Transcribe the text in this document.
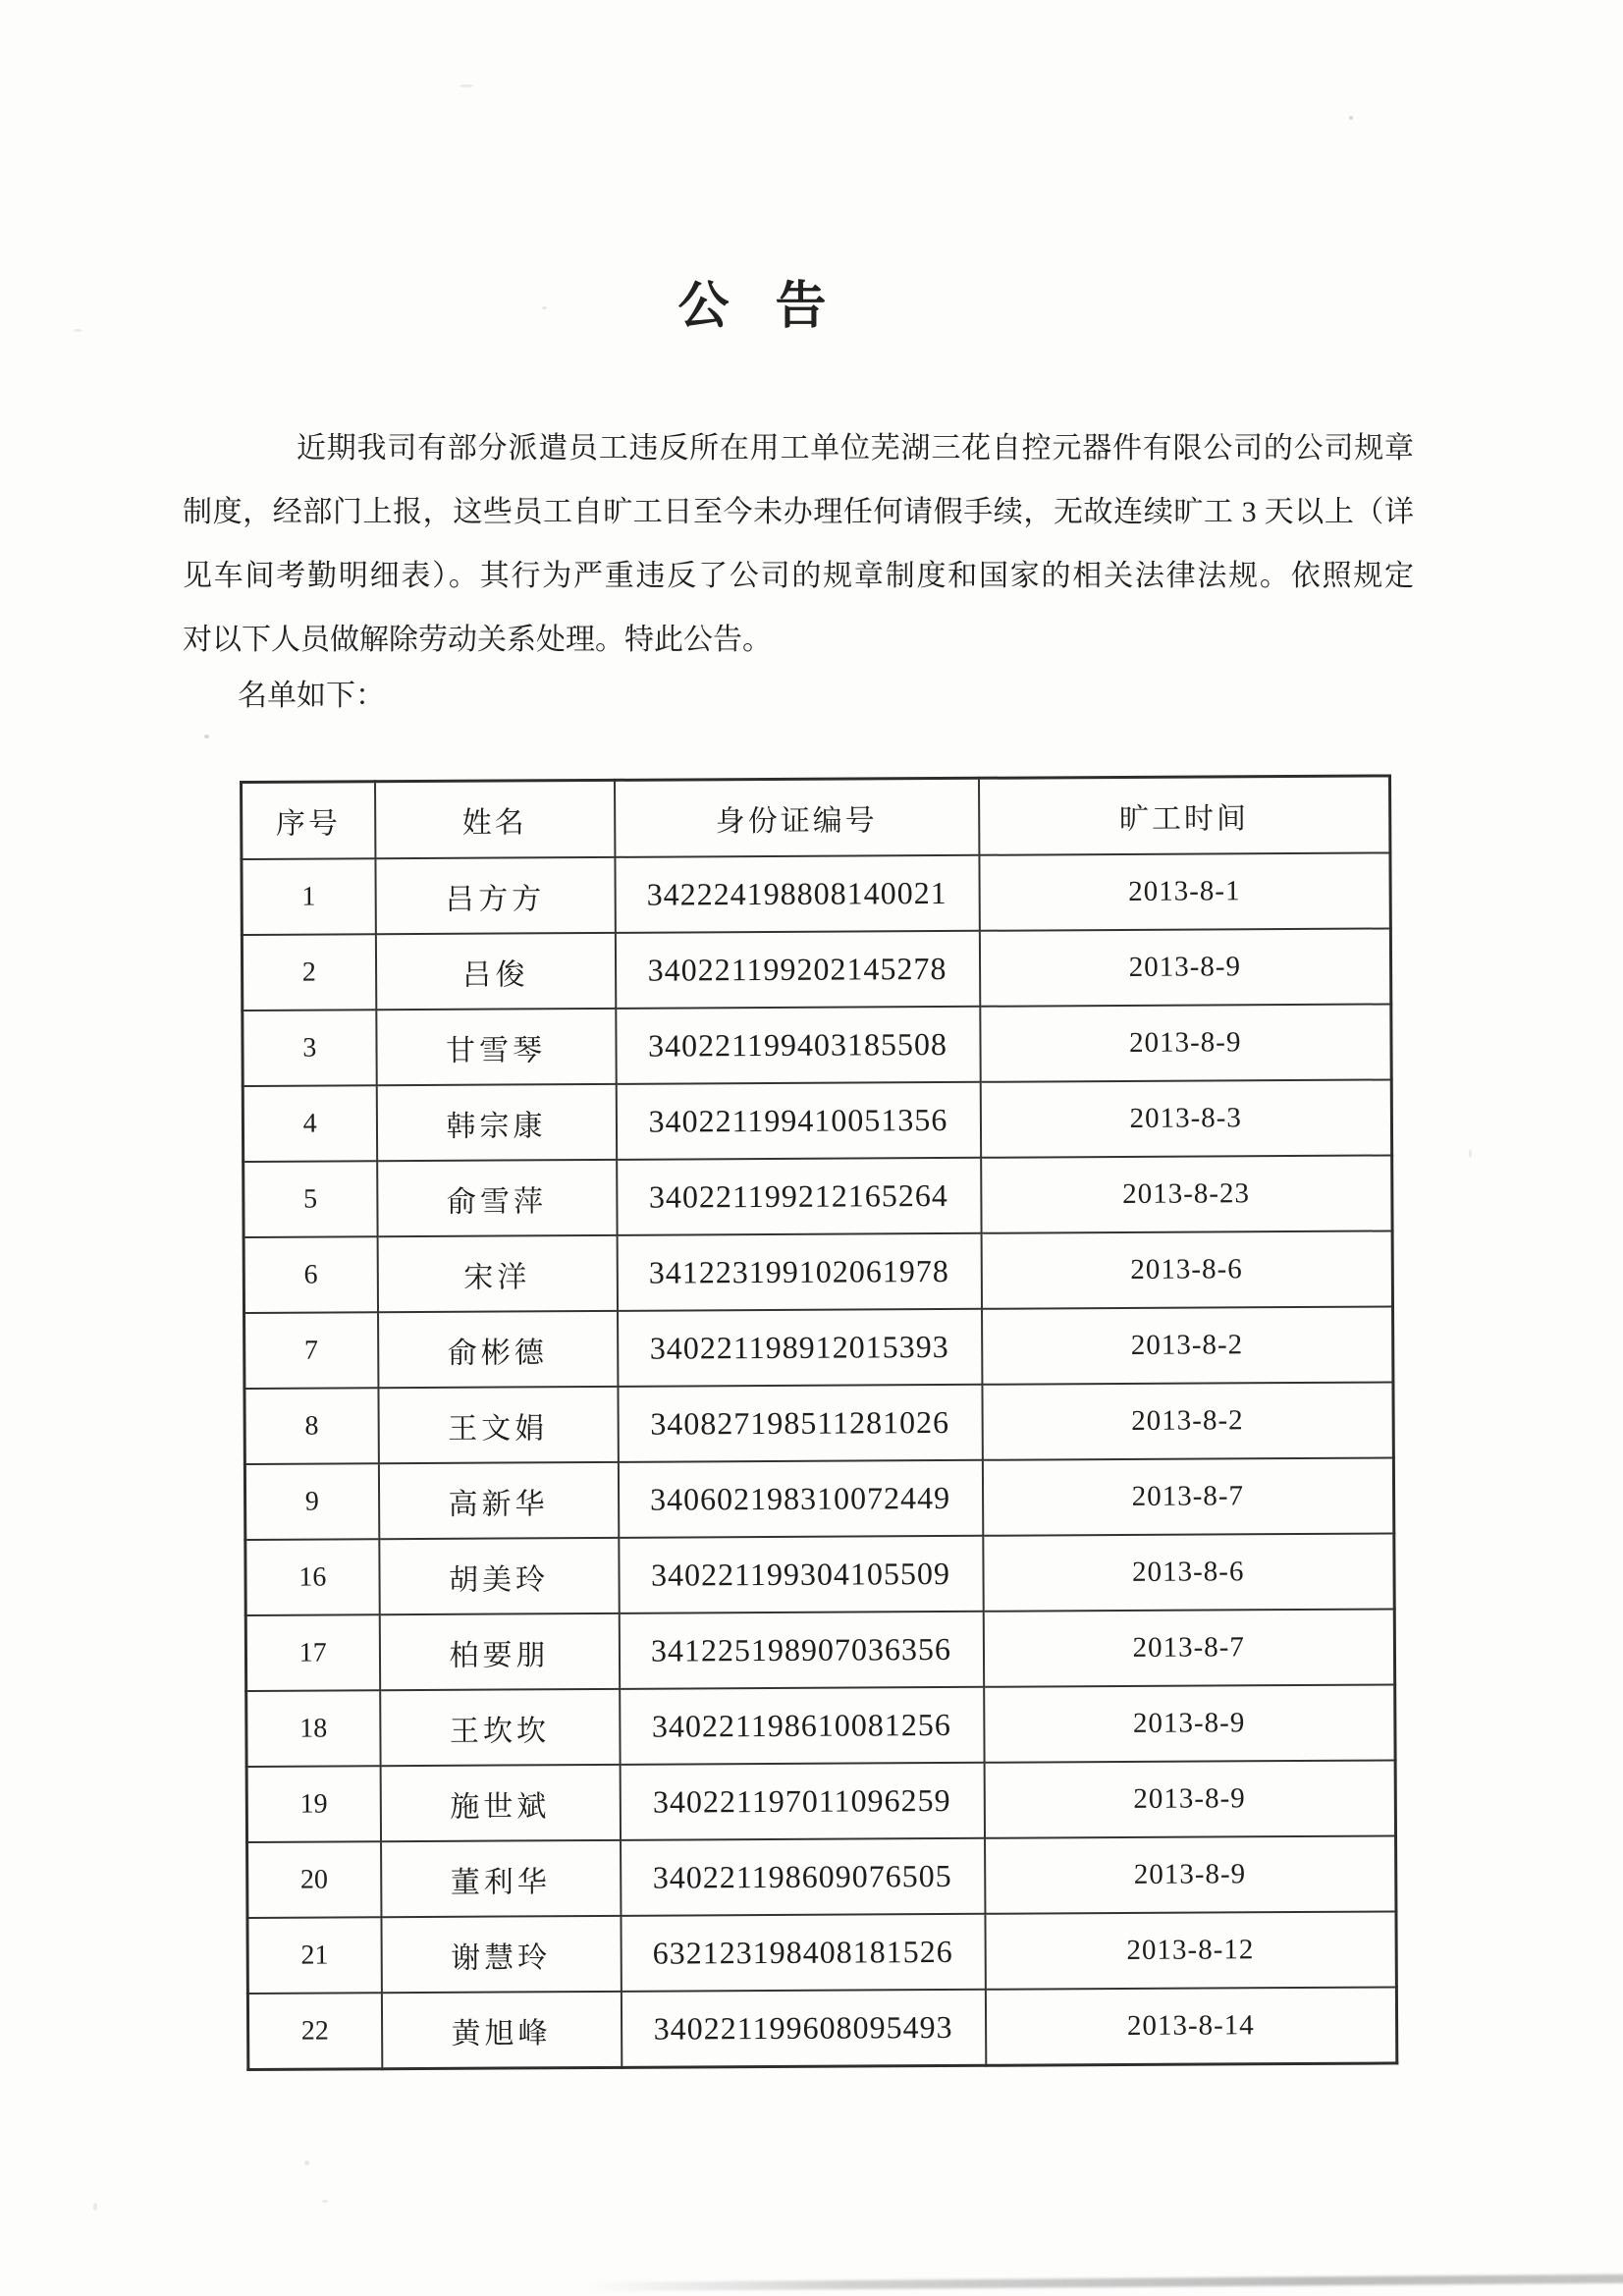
公 告
近期我司有部分派遣员工违反所在用工单位芜湖三花自控元器件有限公司的公司规章
制度，经部门上报，这些员工自旷工日至今未办理任何请假手续，无故连续旷工 3 天以上（详
见车间考勤明细表）。其行为严重违反了公司的规章制度和国家的相关法律法规。依照规定
对以下人员做解除劳动关系处理。特此公告。
名单如下：
序号	姓名	身份证编号	旷工时间
1	吕方方	342224198808140021	2013-8-1
2	吕俊	340221199202145278	2013-8-9
3	甘雪琴	340221199403185508	2013-8-9
4	韩宗康	340221199410051356	2013-8-3
5	俞雪萍	340221199212165264	2013-8-23
6	宋洋	341223199102061978	2013-8-6
7	俞彬德	340221198912015393	2013-8-2
8	王文娟	340827198511281026	2013-8-2
9	高新华	340602198310072449	2013-8-7
16	胡美玲	340221199304105509	2013-8-6
17	柏要朋	341225198907036356	2013-8-7
18	王坎坎	340221198610081256	2013-8-9
19	施世斌	340221197011096259	2013-8-9
20	董利华	340221198609076505	2013-8-9
21	谢慧玲	632123198408181526	2013-8-12
22	黄旭峰	340221199608095493	2013-8-14
